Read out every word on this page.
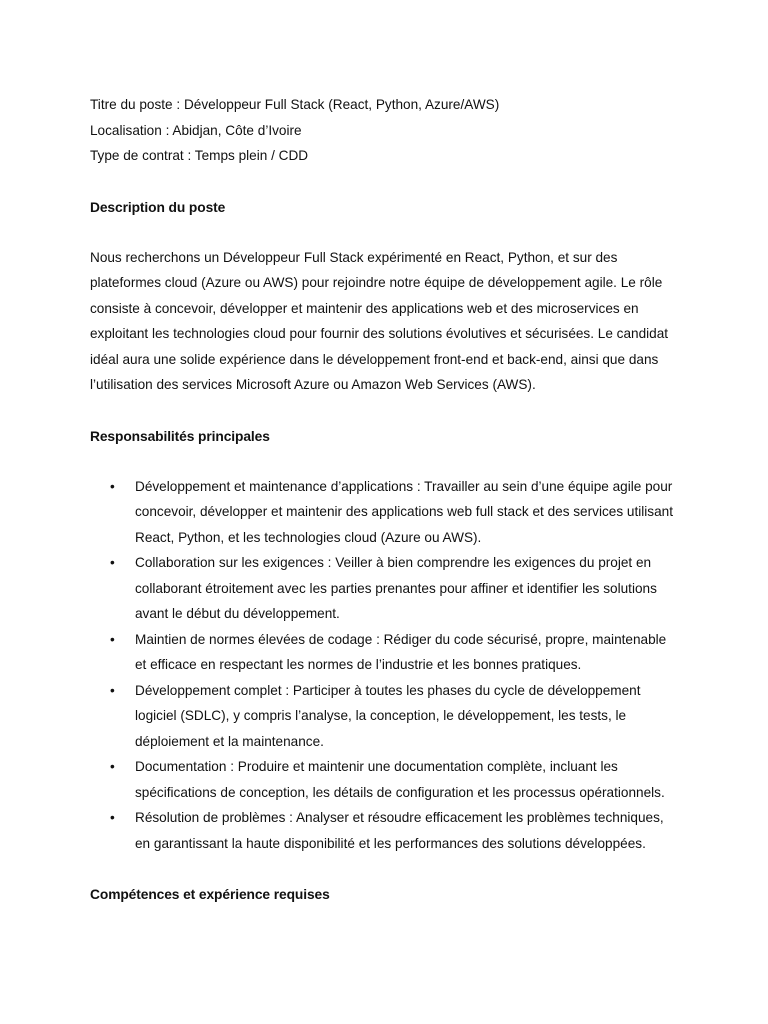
Titre du poste : Développeur Full Stack (React, Python, Azure/AWS)
Localisation : Abidjan, Côte d’Ivoire
Type de contrat : Temps plein / CDD
Description du poste
Nous recherchons un Développeur Full Stack expérimenté en React, Python, et sur des plateformes cloud (Azure ou AWS) pour rejoindre notre équipe de développement agile. Le rôle consiste à concevoir, développer et maintenir des applications web et des microservices en exploitant les technologies cloud pour fournir des solutions évolutives et sécurisées. Le candidat idéal aura une solide expérience dans le développement front-end et back-end, ainsi que dans l’utilisation des services Microsoft Azure ou Amazon Web Services (AWS).
Responsabilités principales
• Développement et maintenance d’applications : Travailler au sein d’une équipe agile pour concevoir, développer et maintenir des applications web full stack et des services utilisant React, Python, et les technologies cloud (Azure ou AWS).
• Collaboration sur les exigences : Veiller à bien comprendre les exigences du projet en collaborant étroitement avec les parties prenantes pour affiner et identifier les solutions avant le début du développement.
• Maintien de normes élevées de codage : Rédiger du code sécurisé, propre, maintenable et efficace en respectant les normes de l’industrie et les bonnes pratiques.
• Développement complet : Participer à toutes les phases du cycle de développement logiciel (SDLC), y compris l’analyse, la conception, le développement, les tests, le déploiement et la maintenance.
• Documentation : Produire et maintenir une documentation complète, incluant les spécifications de conception, les détails de configuration et les processus opérationnels.
• Résolution de problèmes : Analyser et résoudre efficacement les problèmes techniques, en garantissant la haute disponibilité et les performances des solutions développées.
Compétences et expérience requises
